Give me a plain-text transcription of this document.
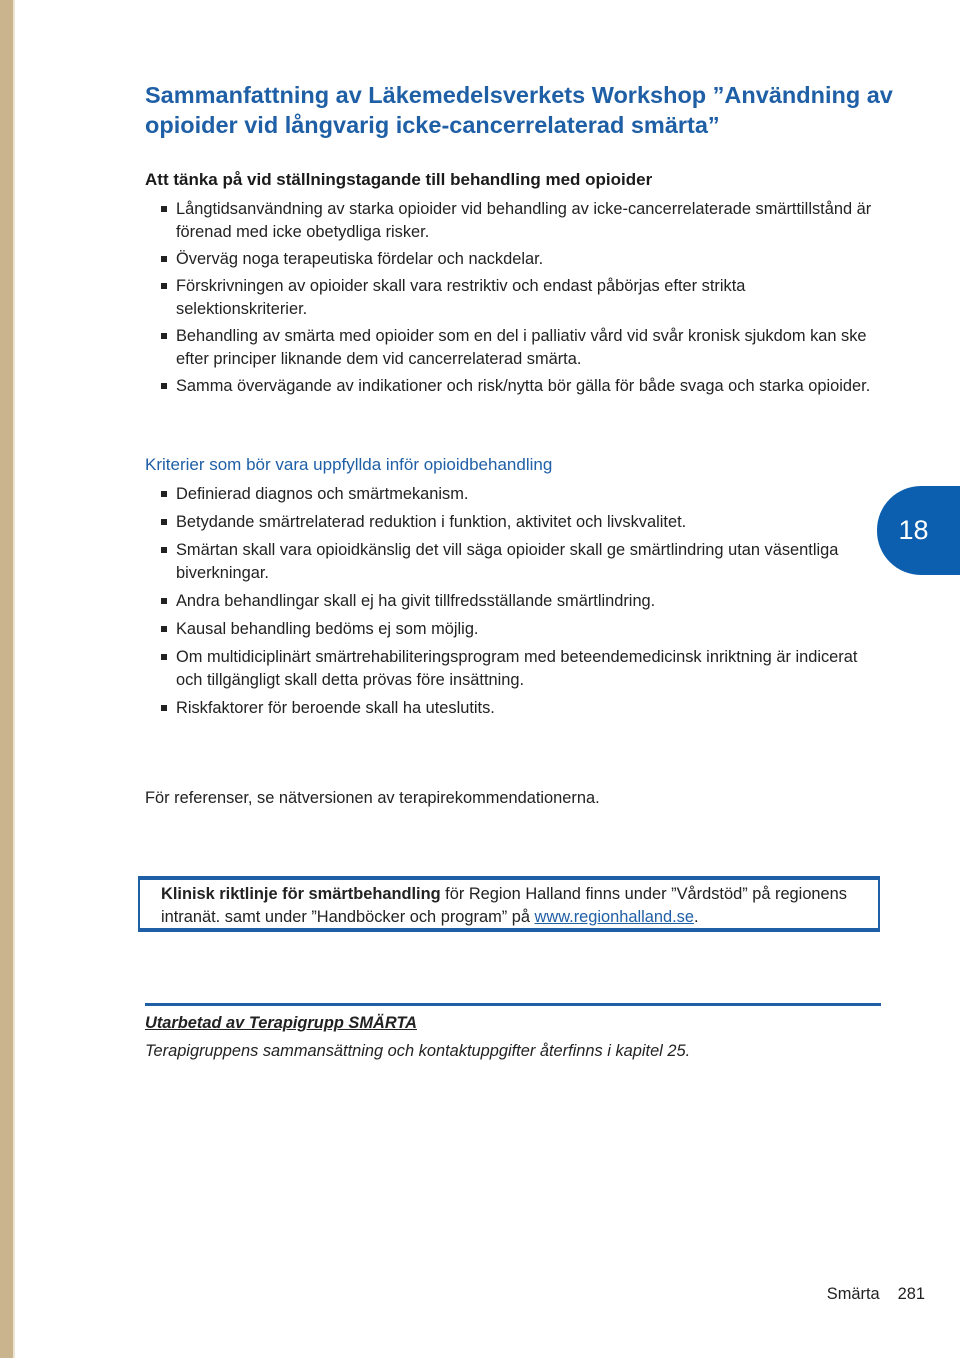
Sammanfattning av Läkemedelsverkets Workshop ”Användning av opioider vid långvarig icke-cancerrelaterad smärta”
Att tänka på vid ställningstagande till behandling med opioider
Långtidsanvändning av starka opioider vid behandling av icke-cancerrelaterade smärttillstånd är förenad med icke obetydliga risker.
Överväg noga terapeutiska fördelar och nackdelar.
Förskrivningen av opioider skall vara restriktiv och endast påbörjas efter strikta selektionskriterier.
Behandling av smärta med opioider som en del i palliativ vård vid svår kronisk sjukdom kan ske efter principer liknande dem vid cancerrelaterad smärta.
Samma övervägande av indikationer och risk/nytta bör gälla för både svaga och starka opioider.
Kriterier som bör vara uppfyllda inför opioidbehandling
Definierad diagnos och smärtmekanism.
Betydande smärtrelaterad reduktion i funktion, aktivitet och livskvalitet.
Smärtan skall vara opioidkänslig det vill säga opioider skall ge smärtlindring utan väsentliga biverkningar.
Andra behandlingar skall ej ha givit tillfredsställande smärtlindring.
Kausal behandling bedöms ej som möjlig.
Om multidiciplinärt smärtrehabiliteringsprogram med beteendemedicinsk inriktning är indicerat och tillgängligt skall detta prövas före insättning.
Riskfaktorer för beroende skall ha uteslutits.
18

För referenser, se nätversionen av terapirekommendationerna.

Klinisk riktlinje för smärtbehandling för Region Halland finns under ”Vårdstöd” på regionens intranät. samt under ”Handböcker och program” på www.regionhalland.se.

Utarbetad av Terapigrupp SMÄRTA

Terapigruppens sammansättning och kontaktuppgifter återfinns i kapitel 25.

Smärta 281
